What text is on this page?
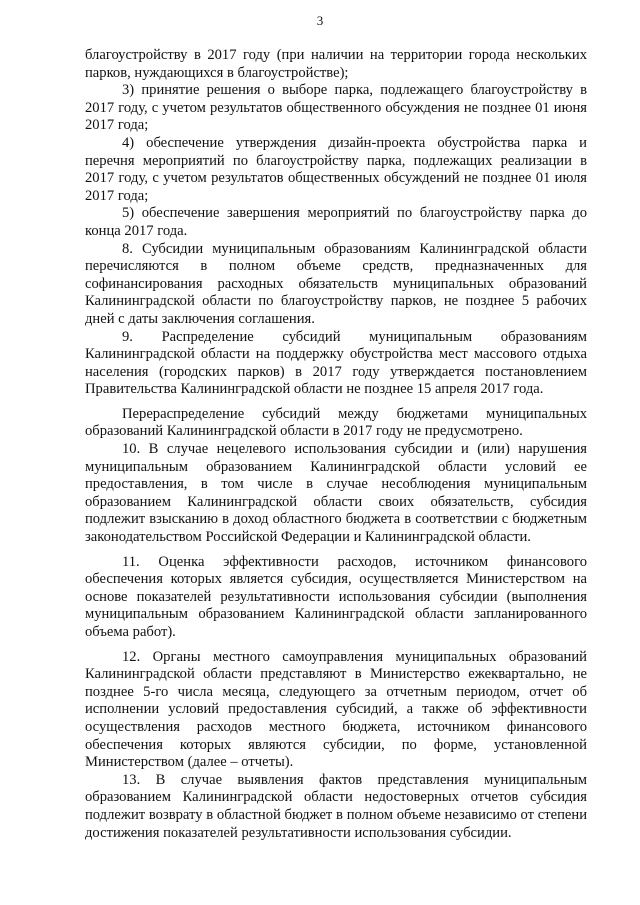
3

благоустройству в 2017 году (при наличии на территории города нескольких парков, нуждающихся в благоустройстве);

3) принятие решения о выборе парка, подлежащего благоустройству в 2017 году, с учетом результатов общественного обсуждения не позднее 01 июня 2017 года;

4) обеспечение утверждения дизайн-проекта обустройства парка и перечня мероприятий по благоустройству парка, подлежащих реализации в 2017 году, с учетом результатов общественных обсуждений не позднее 01 июля 2017 года;

5) обеспечение завершения мероприятий по благоустройству парка до конца 2017 года.

8. Субсидии муниципальным образованиям Калининградской области перечисляются в полном объеме средств, предназначенных для софинансирования расходных обязательств муниципальных образований Калининградской области по благоустройству парков, не позднее 5 рабочих дней с даты заключения соглашения.

9. Распределение субсидий муниципальным образованиям Калининградской области на поддержку обустройства мест массового отдыха населения (городских парков) в 2017 году утверждается постановлением Правительства Калининградской области не позднее 15 апреля 2017 года.

Перераспределение субсидий между бюджетами муниципальных образований Калининградской области в 2017 году не предусмотрено.

10. В случае нецелевого использования субсидии и (или) нарушения муниципальным образованием Калининградской области условий ее предоставления, в том числе в случае несоблюдения муниципальным образованием Калининградской области своих обязательств, субсидия подлежит взысканию в доход областного бюджета в соответствии с бюджетным законодательством Российской Федерации и Калининградской области.

11. Оценка эффективности расходов, источником финансового обеспечения которых является субсидия, осуществляется Министерством на основе показателей результативности использования субсидии (выполнения муниципальным образованием Калининградской области запланированного объема работ).

12. Органы местного самоуправления муниципальных образований Калининградской области представляют в Министерство ежеквартально, не позднее 5-го числа месяца, следующего за отчетным периодом, отчет об исполнении условий предоставления субсидий, а также об эффективности осуществления расходов местного бюджета, источником финансового обеспечения которых являются субсидии, по форме, установленной Министерством (далее – отчеты).

13. В случае выявления фактов представления муниципальным образованием Калининградской области недостоверных отчетов субсидия подлежит возврату в областной бюджет в полном объеме независимо от степени достижения показателей результативности использования субсидии.
